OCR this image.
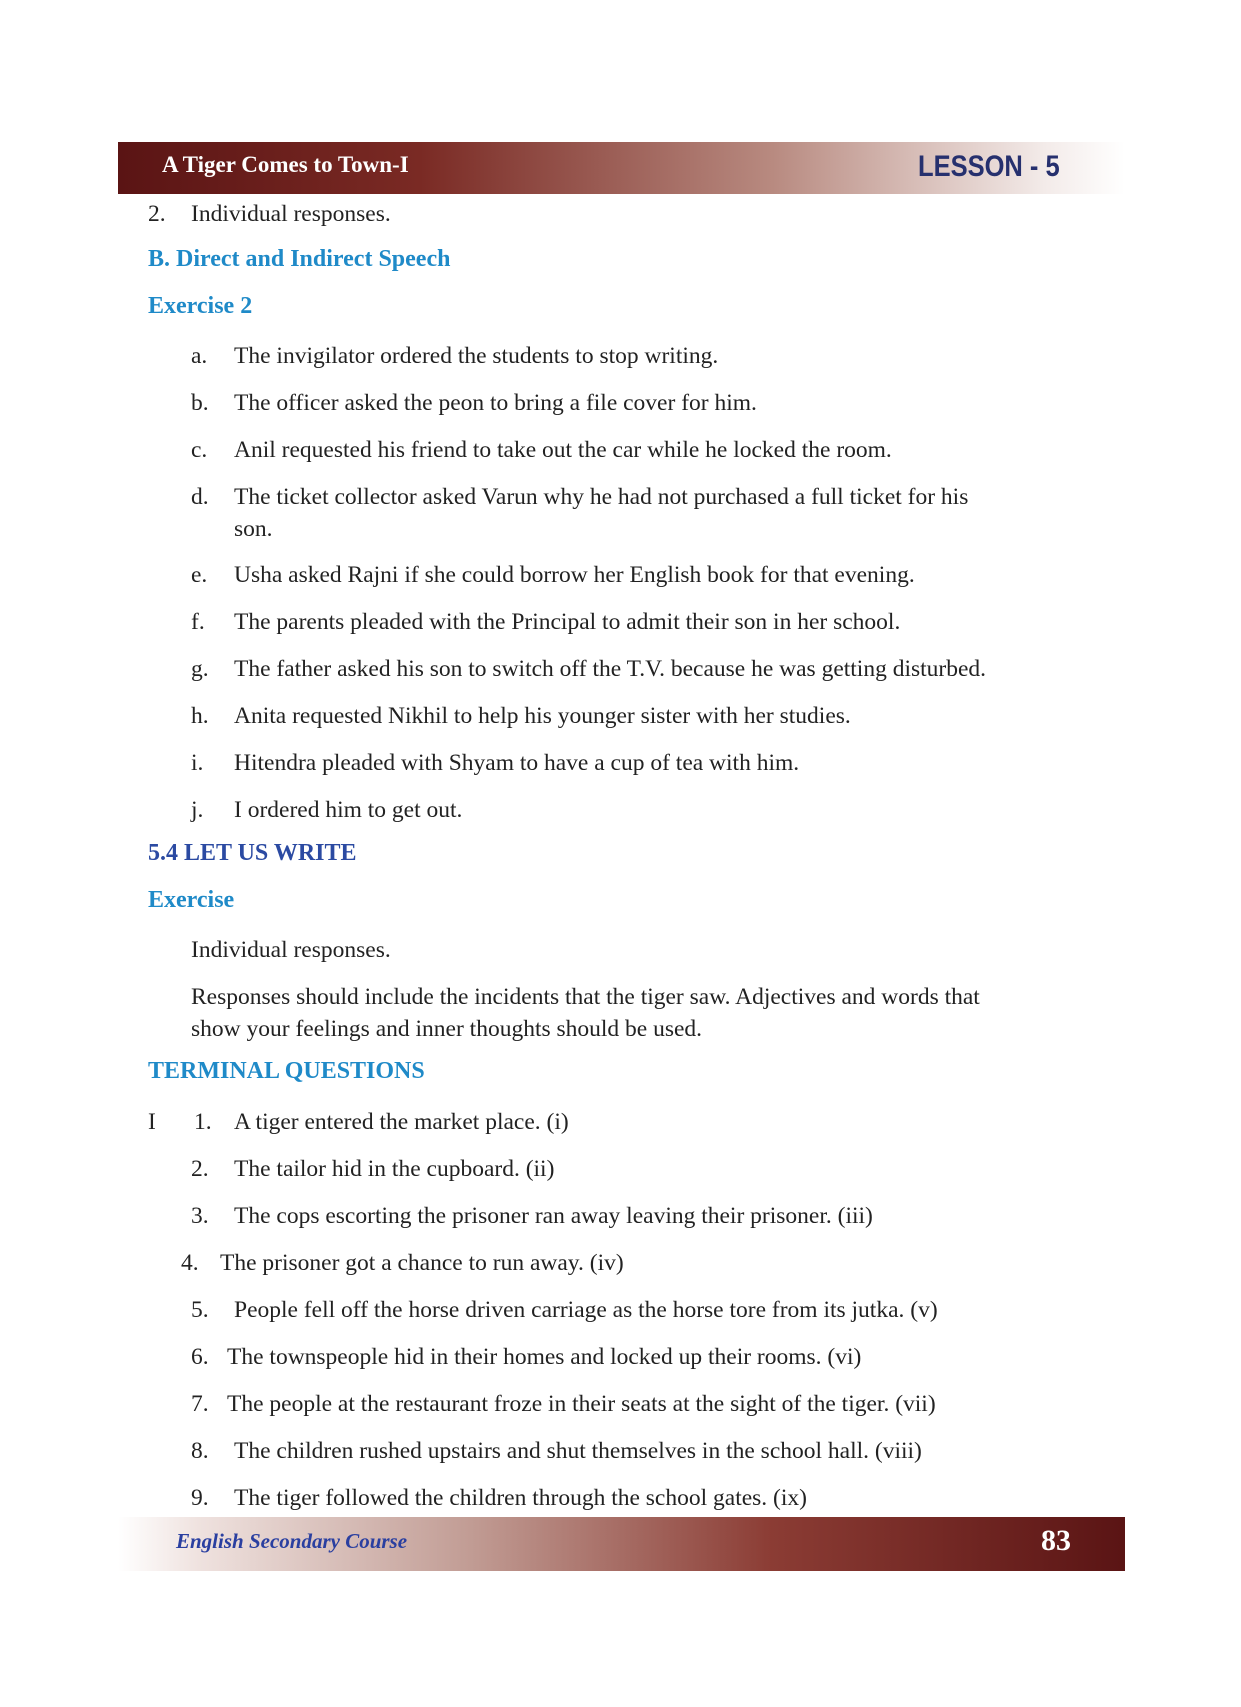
A Tiger Comes to Town-I	LESSON - 5
2. Individual responses.
B. Direct and Indirect Speech
Exercise 2
a. The invigilator ordered the students to stop writing.
b. The officer asked the peon to bring a file cover for him.
c. Anil requested his friend to take out the car while he locked the room.
d. The ticket collector asked Varun why he had not purchased a full ticket for his
son.
e. Usha asked Rajni if she could borrow her English book for that evening.
f. The parents pleaded with the Principal to admit their son in her school.
g. The father asked his son to switch off the T.V. because he was getting disturbed.
h. Anita requested Nikhil to help his younger sister with her studies.
i. Hitendra pleaded with Shyam to have a cup of tea with him.
j. I ordered him to get out.
5.4 LET US WRITE
Exercise
Individual responses.
Responses should include the incidents that the tiger saw. Adjectives and words that
show your feelings and inner thoughts should be used.
TERMINAL QUESTIONS
I 1. A tiger entered the market place. (i)
2. The tailor hid in the cupboard. (ii)
3. The cops escorting the prisoner ran away leaving their prisoner. (iii)
4. The prisoner got a chance to run away. (iv)
5. People fell off the horse driven carriage as the horse tore from its jutka. (v)
6. The townspeople hid in their homes and locked up their rooms. (vi)
7. The people at the restaurant froze in their seats at the sight of the tiger. (vii)
8. The children rushed upstairs and shut themselves in the school hall. (viii)
9. The tiger followed the children through the school gates. (ix)
English Secondary Course	83
